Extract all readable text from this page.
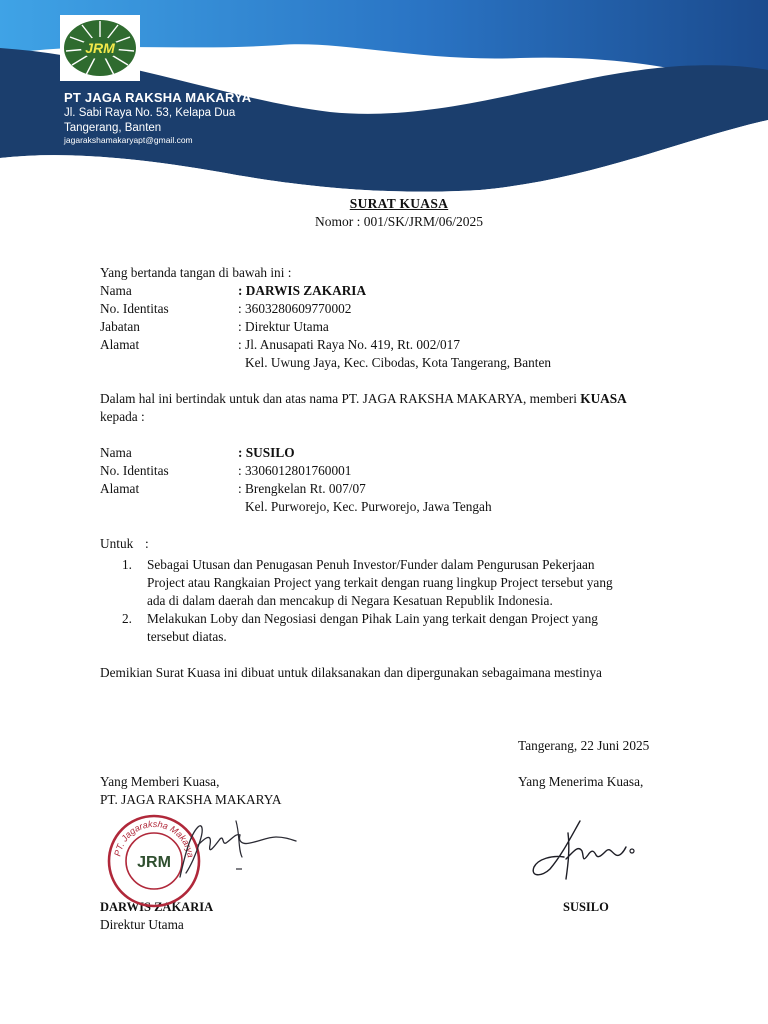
JRM
PT JAGA RAKSHA MAKARYA
Jl. Sabi Raya No. 53, Kelapa Dua
Tangerang, Banten
jagarakshamakaryapt@gmail.com
SURAT KUASA
Nomor : 001/SK/JRM/06/2025
Yang bertanda tangan di bawah ini :
Nama	: DARWIS ZAKARIA
No. Identitas	: 3603280609770002
Jabatan	: Direktur Utama
Alamat	: Jl. Anusapati Raya No. 419, Rt. 002/017
Kel. Uwung Jaya, Kec. Cibodas, Kota Tangerang, Banten
Dalam hal ini bertindak untuk dan atas nama PT. JAGA RAKSHA MAKARYA, memberi KUASA
kepada :
Nama	: SUSILO
No. Identitas	: 3306012801760001
Alamat	: Brengkelan Rt. 007/07
Kel. Purworejo, Kec. Purworejo, Jawa Tengah
Untuk :
1. Sebagai Utusan dan Penugasan Penuh Investor/Funder dalam Pengurusan Pekerjaan
Project atau Rangkaian Project yang terkait dengan ruang lingkup Project tersebut yang
ada di dalam daerah dan mencakup di Negara Kesatuan Republik Indonesia.
2. Melakukan Loby dan Negosiasi dengan Pihak Lain yang terkait dengan Project yang
tersebut diatas.
Demikian Surat Kuasa ini dibuat untuk dilaksanakan dan dipergunakan sebagaimana mestinya
Tangerang, 22 Juni 2025
Yang Memberi Kuasa,
PT. JAGA RAKSHA MAKARYA
Yang Menerima Kuasa,
DARWIS ZAKARIA
Direktur Utama
SUSILO
PT. Jagaraksha Makarya
JRM
